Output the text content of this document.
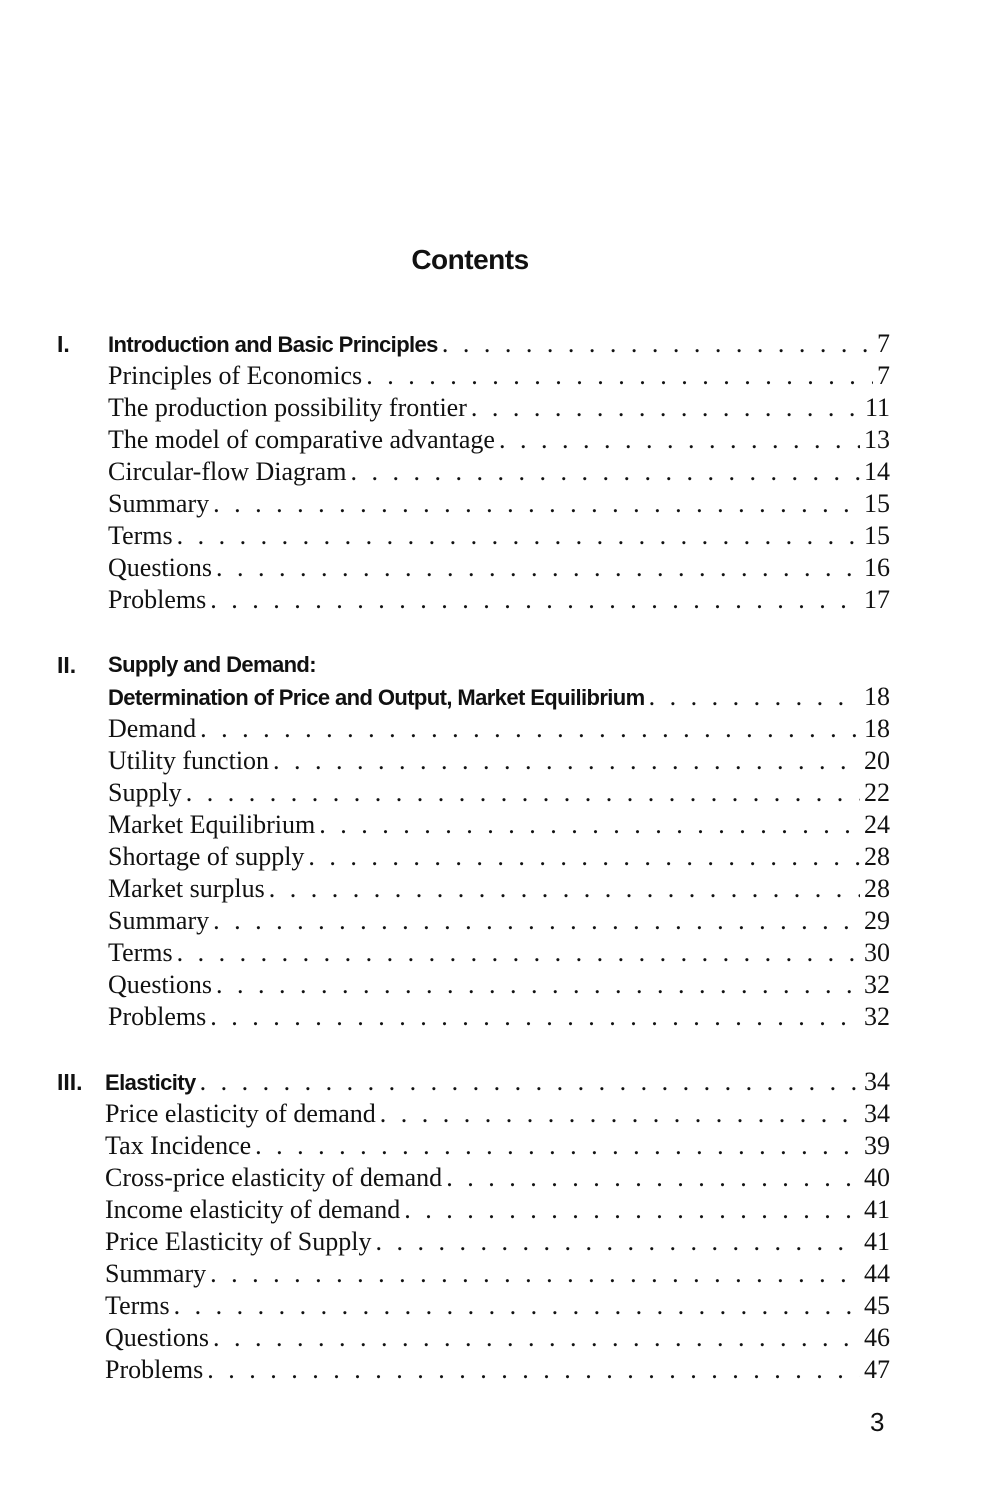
Contents
I. Introduction and Basic Principles . . .	7
Principles of Economics . . .	7
The production possibility frontier . . .	11
The model of comparative advantage . . .	13
Circular-flow Diagram . . .	14
Summary . . .	15
Terms . . .	15
Questions . . .	16
Problems . . .	17
II. Supply and Demand:
Determination of Price and Output, Market Equilibrium . . .	18
Demand . . .	18
Utility function . . .	20
Supply . . .	22
Market Equilibrium . . .	24
Shortage of supply . . .	28
Market surplus . . .	28
Summary . . .	29
Terms . . .	30
Questions . . .	32
Problems . . .	32
III. Elasticity . . .	34
Price elasticity of demand . . .	34
Tax Incidence . . .	39
Cross-price elasticity of demand . . .	40
Income elasticity of demand . . .	41
Price Elasticity of Supply . . .	41
Summary . . .	44
Terms . . .	45
Questions . . .	46
Problems . . .	47
3
